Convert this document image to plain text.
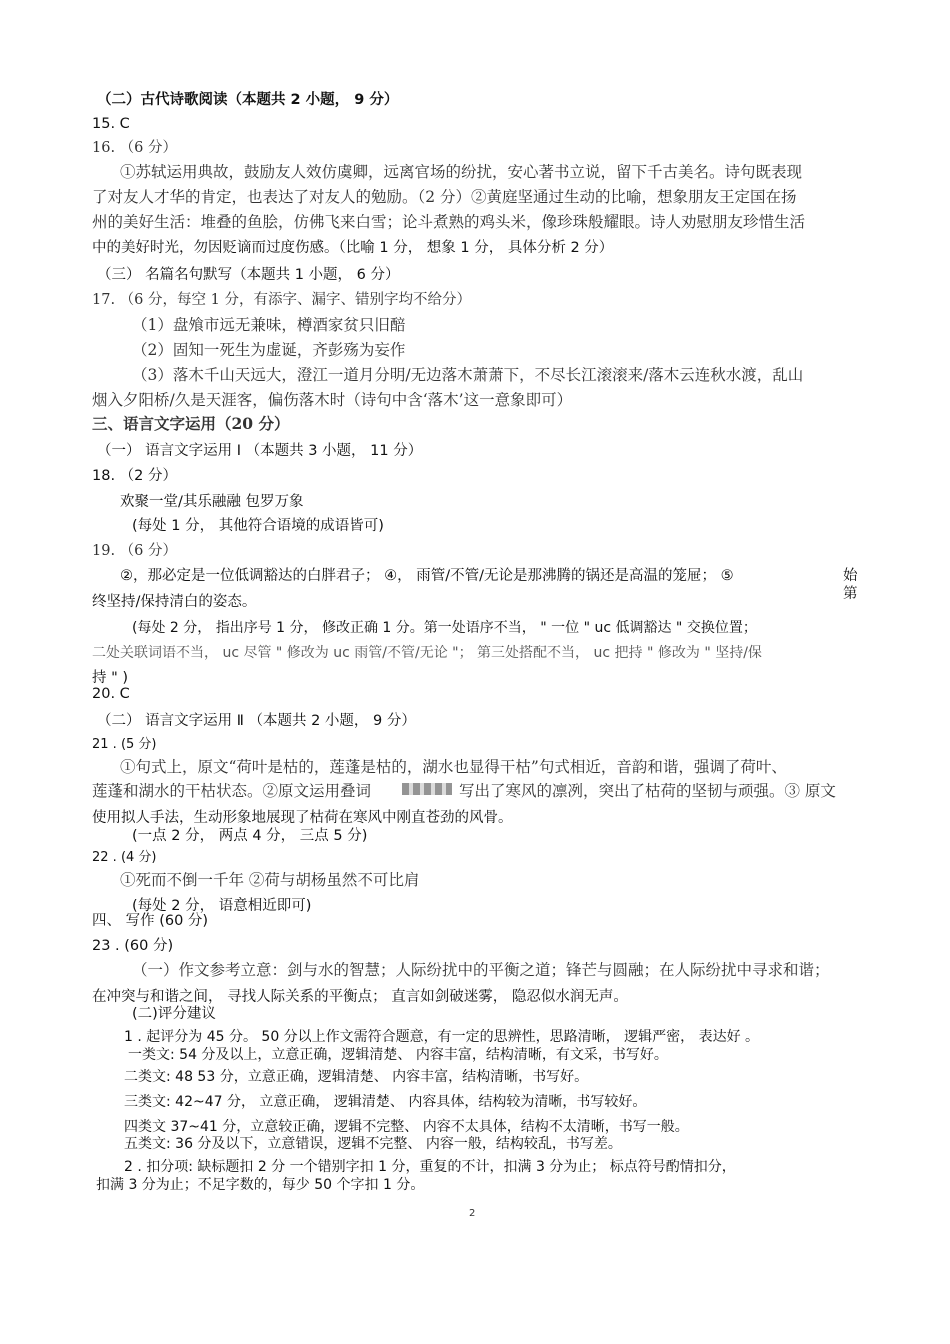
（二）古代诗歌阅读（本题共 2 小题， 9 分）
15. C
16. （6 分）
①苏轼运用典故，鼓励友人效仿虞卿，远离官场的纷扰，安心著书立说，留下千古美名。诗句既表现
了对友人才华的肯定，也表达了对友人的勉励。（2 分）②黄庭坚通过生动的比喻，想象朋友王定国在扬
州的美好生活：堆叠的鱼脍，仿佛飞来白雪；论斗煮熟的鸡头米，像珍珠般耀眼。诗人劝慰朋友珍惜生活
中的美好时光，勿因贬谪而过度伤感。（比喻 1 分， 想象 1 分， 具体分析 2 分）
（三） 名篇名句默写（本题共 1 小题， 6 分）
17. （6 分，每空 1 分，有添字、漏字、错别字均不给分）
（1）盘飧市远无兼味，樽酒家贫只旧醅
（2）固知一死生为虚诞，齐彭殇为妄作
（3）落木千山天远大，澄江一道月分明/无边落木萧萧下，不尽长江滚滚来/落木云连秋水渡，乱山
烟入夕阳桥/久是天涯客，偏伤落木时（诗句中含‘落木’这一意象即可）
三、语言文字运用（20 分）
（一） 语言文字运用 Ⅰ （本题共 3 小题， 11 分）
18. （2 分）
欢聚一堂/其乐融融 包罗万象
(每处 1 分， 其他符合语境的成语皆可)
19. （6 分）
②，那必定是一位低调豁达的白胖君子； ④， 雨管/不管/无论是那沸腾的锅还是高温的笼屉； ⑤	始
第
终坚持/保持清白的姿态。
(每处 2 分， 指出序号 1 分， 修改正确 1 分。第一处语序不当， " 一位 " uc 低调豁达 " 交换位置；
二处关联词语不当， uc 尽管 " 修改为 uc 雨管/不管/无论 "； 第三处搭配不当， uc 把持 " 修改为 " 坚持/保
持 " )
20. C
（二） 语言文字运用 Ⅱ （本题共 2 小题， 9 分）
21 . (5 分)
①句式上，原文“荷叶是枯的，莲蓬是枯的，湖水也显得干枯”句式相近，音韵和谐，强调了荷叶、
莲蓬和湖水的干枯状态。②原文运用叠词	写出了寒风的凛冽，突出了枯荷的坚韧与顽强。③ 原文
使用拟人手法，生动形象地展现了枯荷在寒风中刚直苍劲的风骨。
(一点 2 分， 两点 4 分， 三点 5 分)
22 . (4 分)
①死而不倒一千年 ②荷与胡杨虽然不可比肩
(每处 2 分， 语意相近即可)
四、 写作 (60 分)
23 . (60 分)
（一）作文参考立意：剑与水的智慧；人际纷扰中的平衡之道；锋芒与圆融；在人际纷扰中寻求和谐；
在冲突与和谐之间， 寻找人际关系的平衡点； 直言如剑破迷雾， 隐忍似水润无声。
(二)评分建议
1 . 起评分为 45 分。 50 分以上作文需符合题意，有一定的思辨性，思路清晰， 逻辑严密， 表达好 。
一类文: 54 分及以上，立意正确，逻辑清楚、 内容丰富，结构清晰，有文采，书写好。
二类文: 48 53 分，立意正确，逻辑清楚、 内容丰富，结构清晰，书写好。
三类文: 42~47 分， 立意正确， 逻辑清楚、 内容具体，结构较为清晰，书写较好。
四类文 37~41 分，立意较正确，逻辑不完整、 内容不太具体，结构不太清晰，书写一般。
五类文: 36 分及以下，立意错误，逻辑不完整、 内容一般，结构较乱，书写差。
2 . 扣分项: 缺标题扣 2 分 一个错别字扣 1 分，重复的不计，扣满 3 分为止； 标点符号酌情扣分，
扣满 3 分为止；不足字数的，每少 50 个字扣 1 分。
2
